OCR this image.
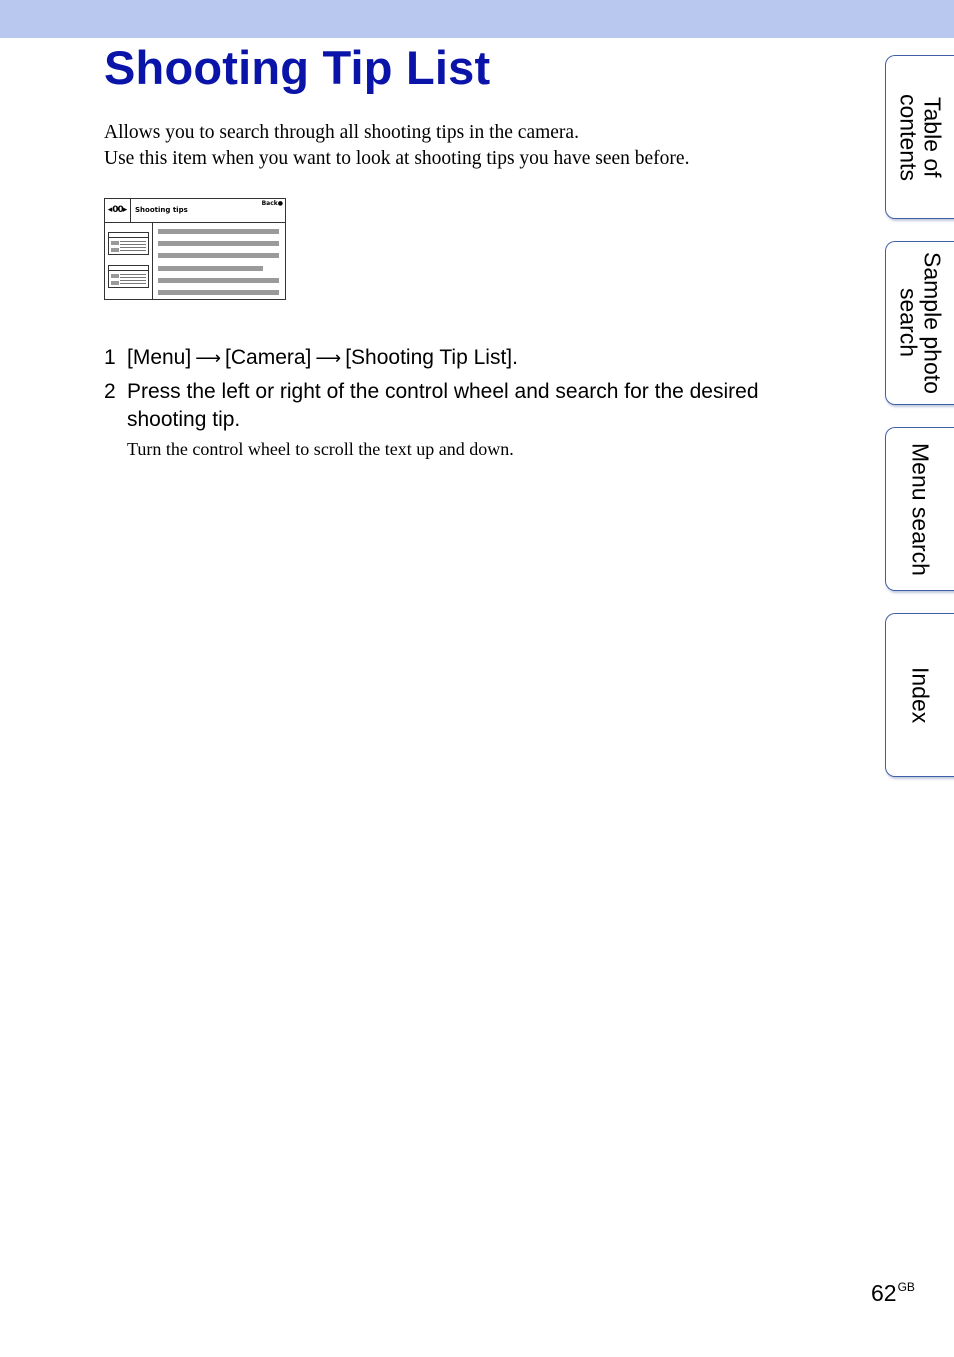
Shooting Tip List
Allows you to search through all shooting tips in the camera.
Use this item when you want to look at shooting tips you have seen before.
◂00▸	Shooting tips
Back●
1 [Menu] ⟶ [Camera] ⟶ [Shooting Tip List].
2 Press the left or right of the control wheel and search for the desired
shooting tip.
Turn the control wheel to scroll the text up and down.
Table of contents
Sample photo search
Menu search
Index
$62^{GB}$
